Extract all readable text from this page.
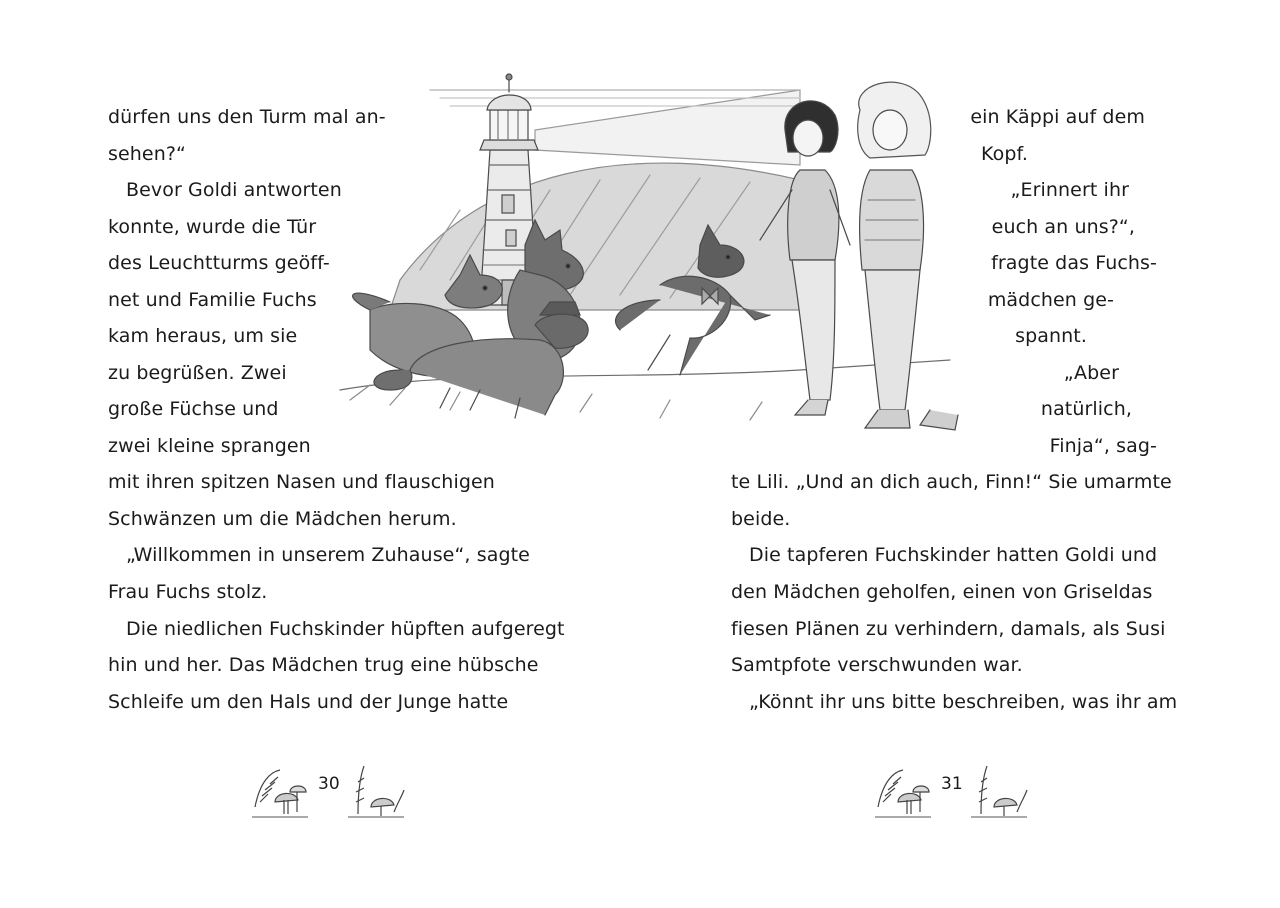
dürfen uns den Turm mal an-
sehen?“
Bevor Goldi antworten
konnte, wurde die Tür
des Leuchtturms geöff-
net und Familie Fuchs
kam heraus, um sie
zu begrüßen. Zwei
große Füchse und
zwei kleine sprangen
mit ihren spitzen Nasen und flauschigen
Schwänzen um die Mädchen herum.
„Willkommen in unserem Zuhause“, sagte
Frau Fuchs stolz.
Die niedlichen Fuchskinder hüpften aufgeregt
hin und her. Das Mädchen trug eine hübsche
Schleife um den Hals und der Junge hatte
ein Käppi auf dem
Kopf.
„Erinnert ihr
euch an uns?“,
fragte das Fuchs-
mädchen ge-
spannt.
„Aber
natürlich,
Finja“, sag-
te Lili. „Und an dich auch, Finn!“ Sie umarmte
beide.
Die tapferen Fuchskinder hatten Goldi und
den Mädchen geholfen, einen von Griseldas
fiesen Plänen zu verhindern, damals, als Susi
Samtpfote verschwunden war.
„Könnt ihr uns bitte beschreiben, was ihr am
30	31
